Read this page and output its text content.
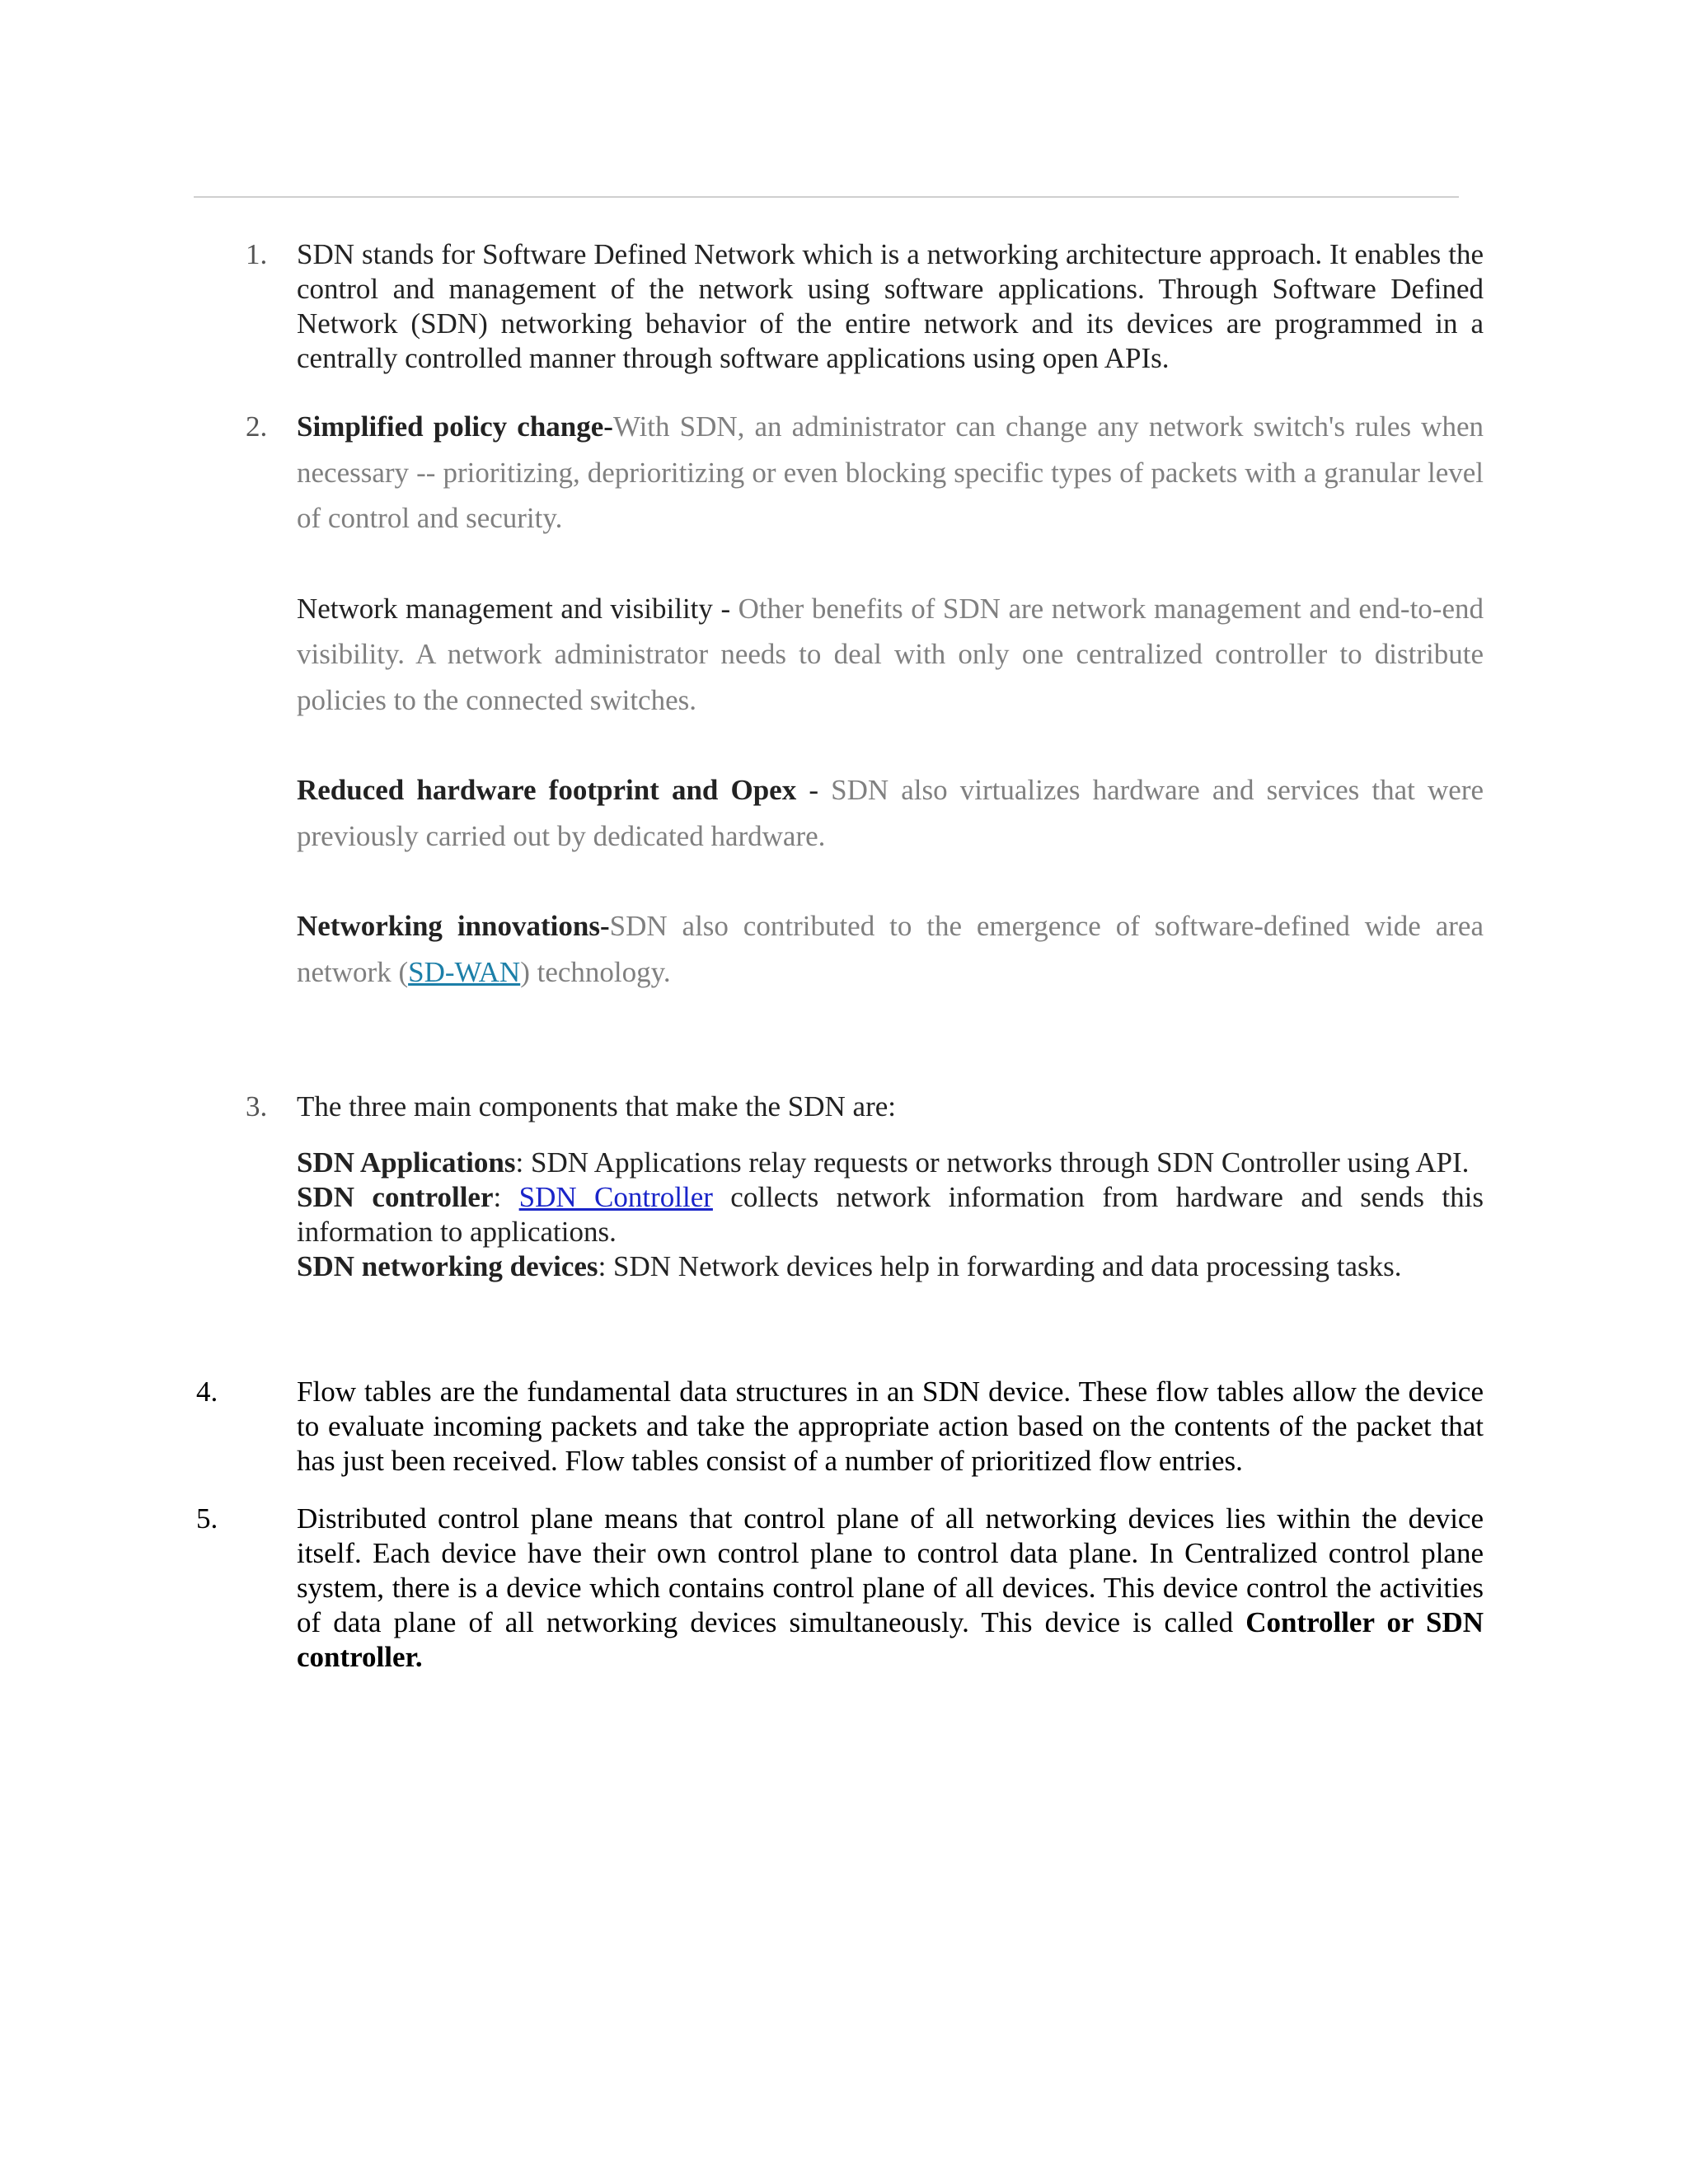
1. SDN stands for Software Defined Network which is a networking architecture approach. It enables the control and management of the network using software applications. Through Software Defined Network (SDN) networking behavior of the entire network and its devices are programmed in a centrally controlled manner through software applications using open APIs.

2. Simplified policy change-With SDN, an administrator can change any network switch's rules when necessary -- prioritizing, deprioritizing or even blocking specific types of packets with a granular level of control and security.

Network management and visibility - Other benefits of SDN are network management and end-to-end visibility. A network administrator needs to deal with only one centralized controller to distribute policies to the connected switches.

Reduced hardware footprint and Opex - SDN also virtualizes hardware and services that were previously carried out by dedicated hardware.

Networking innovations-SDN also contributed to the emergence of software-defined wide area network (SD-WAN) technology.

3. The three main components that make the SDN are:

SDN Applications: SDN Applications relay requests or networks through SDN Controller using API.

SDN controller: SDN Controller collects network information from hardware and sends this information to applications.

SDN networking devices: SDN Network devices help in forwarding and data processing tasks.

4.	Flow tables are the fundamental data structures in an SDN device. These flow tables allow the device to evaluate incoming packets and take the appropriate action based on the contents of the packet that has just been received. Flow tables consist of a number of prioritized flow entries.

5.	Distributed control plane means that control plane of all networking devices lies within the device itself. Each device have their own control plane to control data plane. In Centralized control plane system, there is a device which contains control plane of all devices. This device control the activities of data plane of all networking devices simultaneously. This device is called Controller or SDN controller.
